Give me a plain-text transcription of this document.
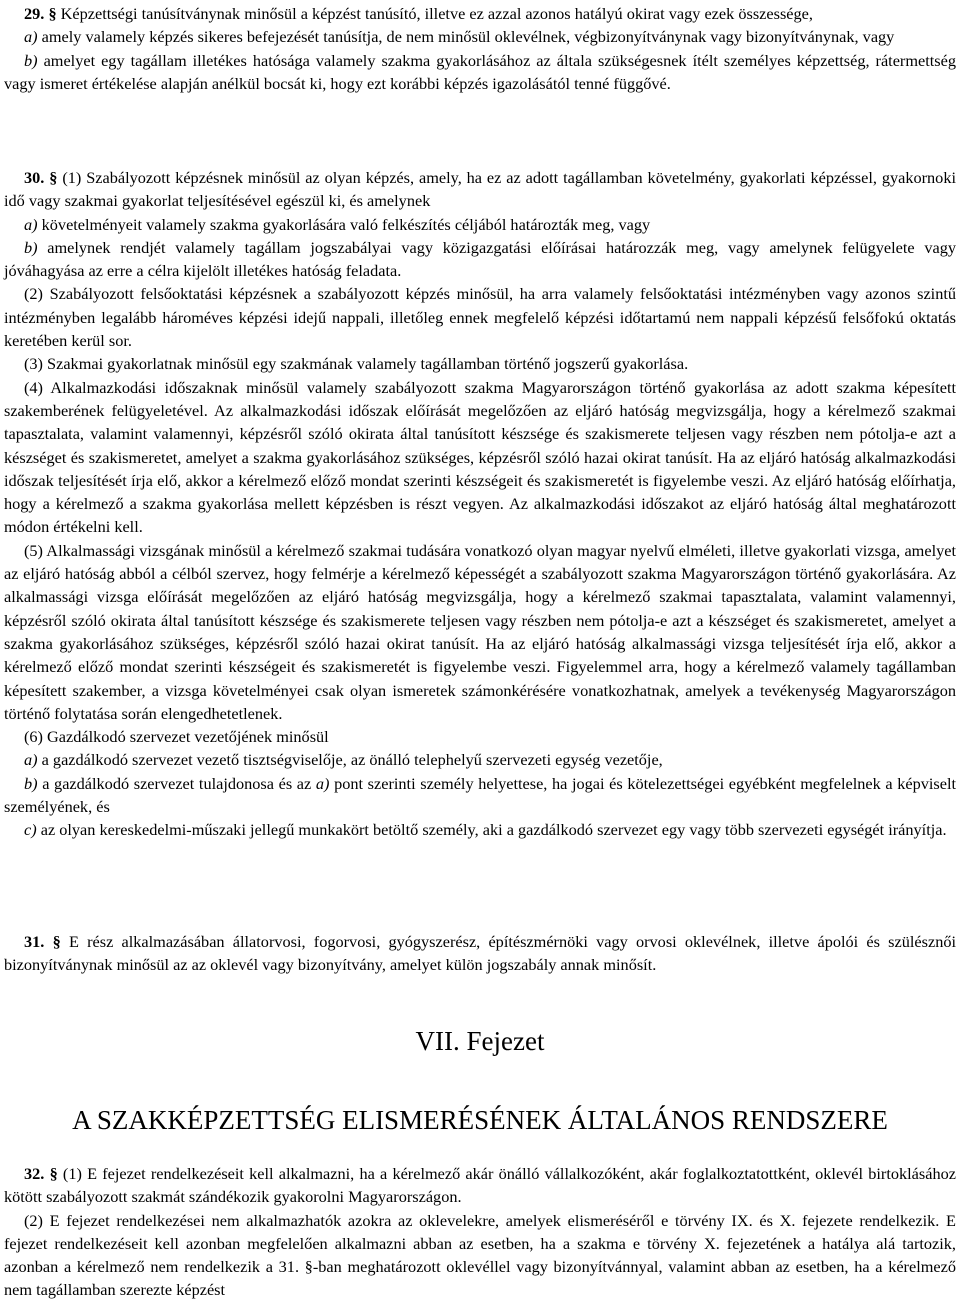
29. § Képzettségi tanúsítványnak minősül a képzést tanúsító, illetve ez azzal azonos hatályú okirat vagy ezek összessége,

a) amely valamely képzés sikeres befejezését tanúsítja, de nem minősül oklevélnek, végbizonyítványnak vagy bizonyítványnak, vagy

b) amelyet egy tagállam illetékes hatósága valamely szakma gyakorlásához az általa szükségesnek ítélt személyes képzettség, rátermettség vagy ismeret értékelése alapján anélkül bocsát ki, hogy ezt korábbi képzés igazolásától tenné függővé.

30. § (1) Szabályozott képzésnek minősül az olyan képzés, amely, ha ez az adott tagállamban követelmény, gyakorlati képzéssel, gyakornoki idő vagy szakmai gyakorlat teljesítésével egészül ki, és amelynek

a) követelményeit valamely szakma gyakorlására való felkészítés céljából határozták meg, vagy

b) amelynek rendjét valamely tagállam jogszabályai vagy közigazgatási előírásai határozzák meg, vagy amelynek felügyelete vagy jóváhagyása az erre a célra kijelölt illetékes hatóság feladata.

(2) Szabályozott felsőoktatási képzésnek a szabályozott képzés minősül, ha arra valamely felsőoktatási intézményben vagy azonos szintű intézményben legalább hároméves képzési idejű nappali, illetőleg ennek megfelelő képzési időtartamú nem nappali képzésű felsőfokú oktatás keretében kerül sor.

(3) Szakmai gyakorlatnak minősül egy szakmának valamely tagállamban történő jogszerű gyakorlása.

(4) Alkalmazkodási időszaknak minősül valamely szabályozott szakma Magyarországon történő gyakorlása az adott szakma képesített szakemberének felügyeletével. Az alkalmazkodási időszak előírását megelőzően az eljáró hatóság megvizsgálja, hogy a kérelmező szakmai tapasztalata, valamint valamennyi, képzésről szóló okirata által tanúsított készsége és szakismerete teljesen vagy részben nem pótolja-e azt a készséget és szakismeretet, amelyet a szakma gyakorlásához szükséges, képzésről szóló hazai okirat tanúsít. Ha az eljáró hatóság alkalmazkodási időszak teljesítését írja elő, akkor a kérelmező előző mondat szerinti készségeit és szakismeretét is figyelembe veszi. Az eljáró hatóság előírhatja, hogy a kérelmező a szakma gyakorlása mellett képzésben is részt vegyen. Az alkalmazkodási időszakot az eljáró hatóság által meghatározott módon értékelni kell.

(5) Alkalmassági vizsgának minősül a kérelmező szakmai tudására vonatkozó olyan magyar nyelvű elméleti, illetve gyakorlati vizsga, amelyet az eljáró hatóság abból a célból szervez, hogy felmérje a kérelmező képességét a szabályozott szakma Magyarországon történő gyakorlására. Az alkalmassági vizsga előírását megelőzően az eljáró hatóság megvizsgálja, hogy a kérelmező szakmai tapasztalata, valamint valamennyi, képzésről szóló okirata által tanúsított készsége és szakismerete teljesen vagy részben nem pótolja-e azt a készséget és szakismeretet, amelyet a szakma gyakorlásához szükséges, képzésről szóló hazai okirat tanúsít. Ha az eljáró hatóság alkalmassági vizsga teljesítését írja elő, akkor a kérelmező előző mondat szerinti készségeit és szakismeretét is figyelembe veszi. Figyelemmel arra, hogy a kérelmező valamely tagállamban képesített szakember, a vizsga követelményei csak olyan ismeretek számonkérésére vonatkozhatnak, amelyek a tevékenység Magyarországon történő folytatása során elengedhetetlenek.

(6) Gazdálkodó szervezet vezetőjének minősül

a) a gazdálkodó szervezet vezető tisztségviselője, az önálló telephelyű szervezeti egység vezetője,

b) a gazdálkodó szervezet tulajdonosa és az a) pont szerinti személy helyettese, ha jogai és kötelezettségei egyébként megfelelnek a képviselt személyének, és

c) az olyan kereskedelmi-műszaki jellegű munkakört betöltő személy, aki a gazdálkodó szervezet egy vagy több szervezeti egységét irányítja.

31. § E rész alkalmazásában állatorvosi, fogorvosi, gyógyszerész, építészmérnöki vagy orvosi oklevélnek, illetve ápolói és szülésznői bizonyítványnak minősül az az oklevél vagy bizonyítvány, amelyet külön jogszabály annak minősít.

VII. Fejezet
A SZAKKÉPZETTSÉG ELISMERÉSÉNEK ÁLTALÁNOS RENDSZERE

32. § (1) E fejezet rendelkezéseit kell alkalmazni, ha a kérelmező akár önálló vállalkozóként, akár foglalkoztatottként, oklevél birtoklásához kötött szabályozott szakmát szándékozik gyakorolni Magyarországon.

(2) E fejezet rendelkezései nem alkalmazhatók azokra az oklevelekre, amelyek elismeréséről e törvény IX. és X. fejezete rendelkezik. E fejezet rendelkezéseit kell azonban megfelelően alkalmazni abban az esetben, ha a szakma e törvény X. fejezetének a hatálya alá tartozik, azonban a kérelmező nem rendelkezik a 31. §-ban meghatározott oklevéllel vagy bizonyítvánnyal, valamint abban az esetben, ha a kérelmező nem tagállamban szerezte képzést
